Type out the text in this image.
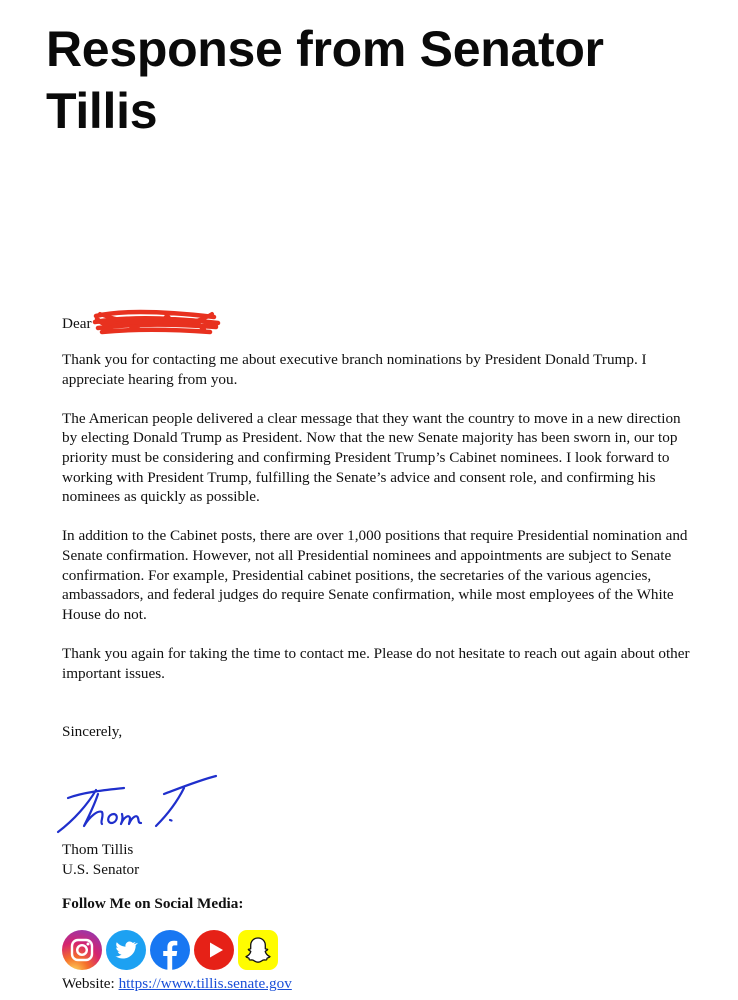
Response from Senator Tillis
Dear

Thank you for contacting me about executive branch nominations by President Donald Trump. I appreciate hearing from you.

The American people delivered a clear message that they want the country to move in a new direction by electing Donald Trump as President. Now that the new Senate majority has been sworn in, our top priority must be considering and confirming President Trump’s Cabinet nominees. I look forward to working with President Trump, fulfilling the Senate’s advice and consent role, and confirming his nominees as quickly as possible.

In addition to the Cabinet posts, there are over 1,000 positions that require Presidential nomination and Senate confirmation. However, not all Presidential nominees and appointments are subject to Senate confirmation. For example, Presidential cabinet positions, the secretaries of the various agencies, ambassadors, and federal judges do require Senate confirmation, while most employees of the White House do not.

Thank you again for taking the time to contact me. Please do not hesitate to reach out again about other important issues.

Sincerely,
Thom Tillis
U.S. Senator
Follow Me on Social Media:
Website: https://www.tillis.senate.gov
